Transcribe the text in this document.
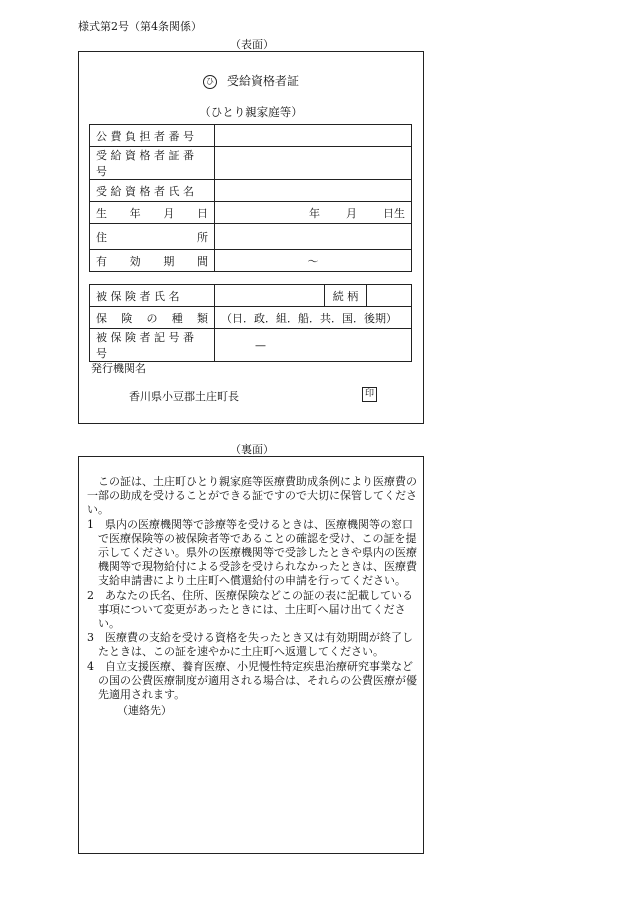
様式第2号（第4条関係）
（表面）
ひ 受給資格者証
（ひとり親家庭等）
公 費 負 担 者 番 号	
受 給 資 格 者 証 番 号	
受 給 資 格 者 氏 名	

生 年 月 日	年 月 日生

住 所	

有 効 期 間	～
被 保 険 者 氏 名		続 柄	

保 険 の 種 類	（日．政．組．船．共．国．後期）		
被 保 険 者 記 号 番 号	—		
発行機関名
香川県小豆郡土庄町長	印
（裏面）

この証は、土庄町ひとり親家庭等医療費助成条例により医療費の一部の助成を受けることができる証ですので大切に保管してください。

1　県内の医療機関等で診療等を受けるときは、医療機関等の窓口で医療保険等の被保険者等であることの確認を受け、この証を提示してください。県外の医療機関等で受診したときや県内の医療機関等で現物給付による受診を受けられなかったときは、医療費支給申請書により土庄町へ償還給付の申請を行ってください。

2　あなたの氏名、住所、医療保険などこの証の表に記載している事項について変更があったときには、土庄町へ届け出てください。

3　医療費の支給を受ける資格を失ったとき又は有効期間が終了したときは、この証を速やかに土庄町へ返還してください。

4　自立支援医療、養育医療、小児慢性特定疾患治療研究事業などの国の公費医療制度が適用される場合は、それらの公費医療が優先適用されます。

（連絡先）
